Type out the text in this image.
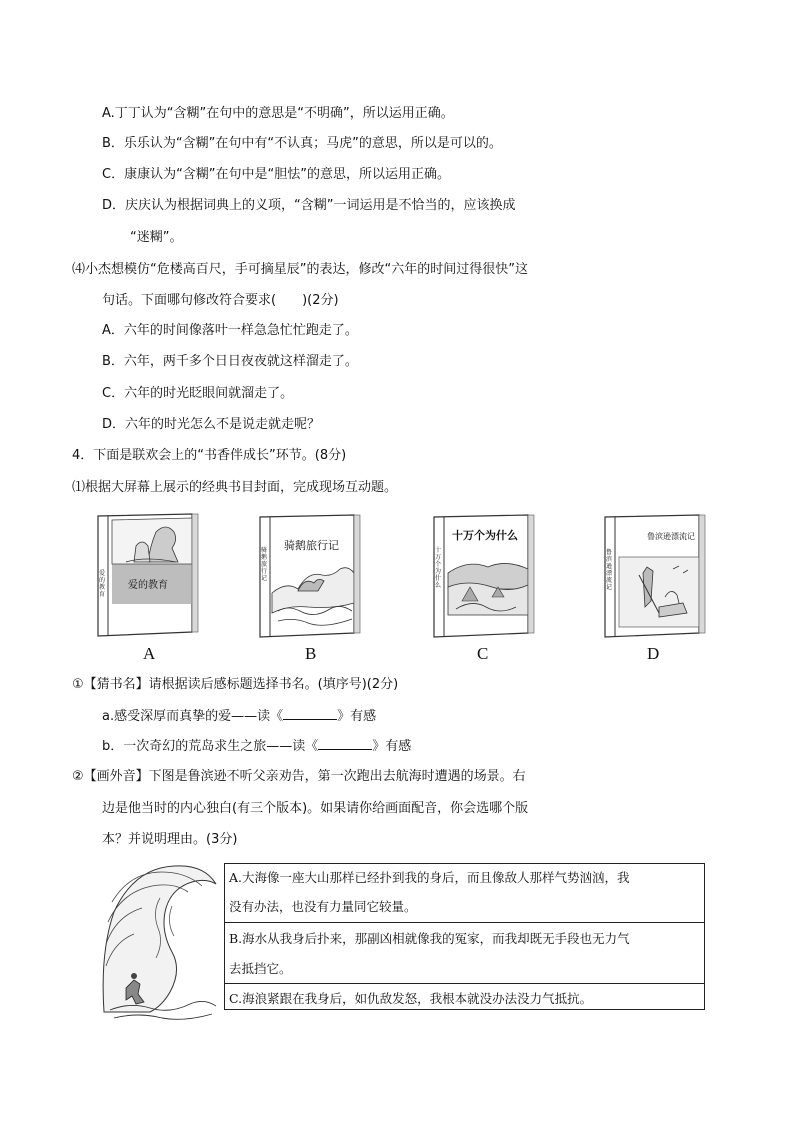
A.丁丁认为“含糊”在句中的意思是“不明确”，所以运用正确。
B．乐乐认为“含糊”在句中有“不认真；马虎”的意思，所以是可以的。
C．康康认为“含糊”在句中是“胆怯”的意思，所以运用正确。
D．庆庆认为根据词典上的义项，“含糊”一词运用是不恰当的，应该换成
“迷糊”。
⑷小杰想模仿“危楼高百尺，手可摘星辰”的表达，修改“六年的时间过得很快”这
句话。下面哪句修改符合要求(　　)(2分)
A．六年的时间像落叶一样急急忙忙跑走了。
B．六年，两千多个日日夜夜就这样溜走了。
C．六年的时光眨眼间就溜走了。
D．六年的时光怎么不是说走就走呢？
4．下面是联欢会上的“书香伴成长”环节。(8分)
⑴根据大屏幕上展示的经典书目封面，完成现场互动题。
爱的教育
爱的教育
A
骑鹅旅行记
骑鹅旅行记
B
十万个为什么
十万个为什么
C
鲁滨逊漂流记
鲁滨逊漂流记
D
①【猜书名】请根据读后感标题选择书名。(填序号)(2分)
a.感受深厚而真挚的爱——读《	》有感
b．一次奇幻的荒岛求生之旅——读《	》有感
②【画外音】下图是鲁滨逊不听父亲劝告，第一次跑出去航海时遭遇的场景。右
边是他当时的内心独白(有三个版本)。如果请你给画面配音，你会选哪个版
本？并说明理由。(3分)
A.大海像一座大山那样已经扑到我的身后，而且像敌人那样气势汹汹，我
没有办法，也没有力量同它较量。
B.海水从我身后扑来，那副凶相就像我的冤家，而我却既无手段也无力气
去抵挡它。
C.海浪紧跟在我身后，如仇敌发怒，我根本就没办法没力气抵抗。
